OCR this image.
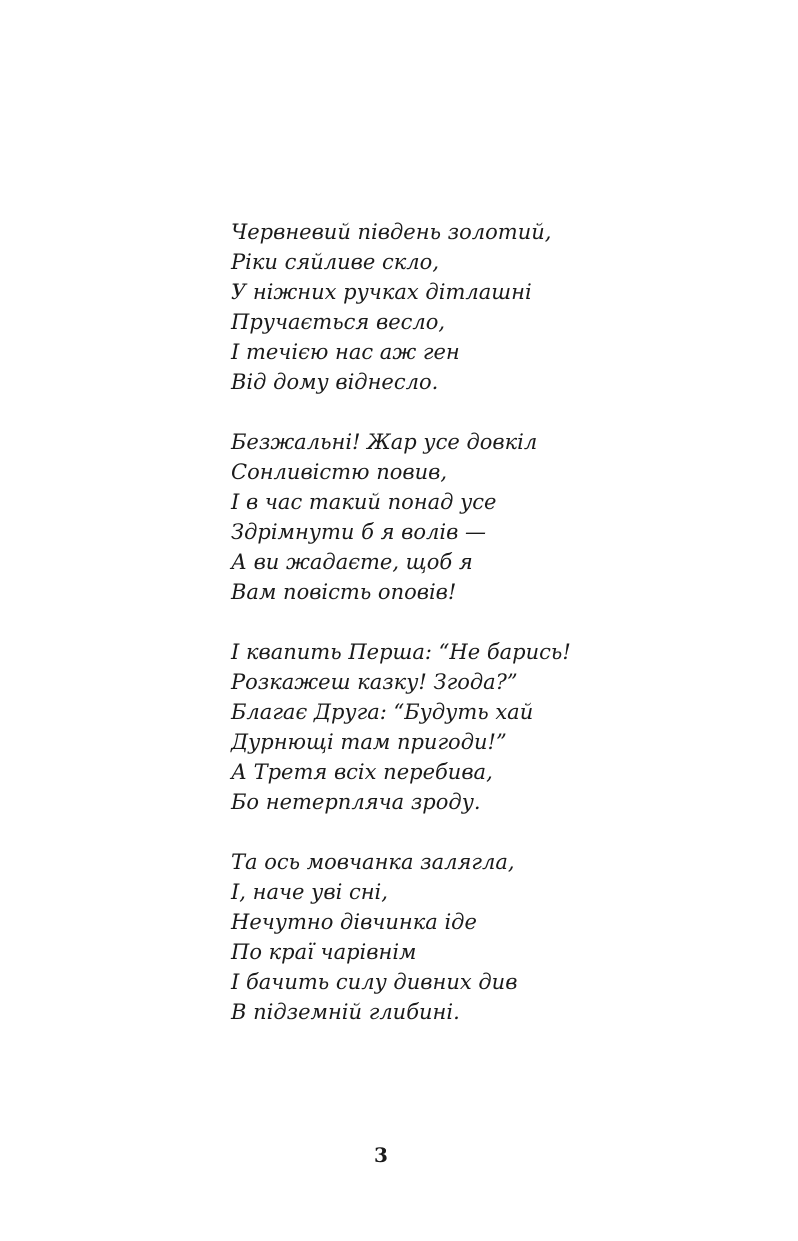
Червневий південь золотий,
Ріки сяйливе скло,
У ніжних ручках дітлашні
Пручається весло,
І течією нас аж ген
Від дому віднесло.
Безжальні! Жар усе довкіл
Сонливістю повив,
І в час такий понад усе
Здрімнути б я волів —
А ви жадаєте, щоб я
Вам повість оповів!
І квапить Перша: “Не барись!
Розкажеш казку! Згода?”
Благає Друга: “Будуть хай
Дурнющі там пригоди!”
А Третя всіх перебива,
Бо нетерпляча зроду.
Та ось мовчанка залягла,
І, наче уві сні,
Нечутно дівчинка іде
По краї чарівнім
І бачить силу дивних див
В підземній глибині.
3
